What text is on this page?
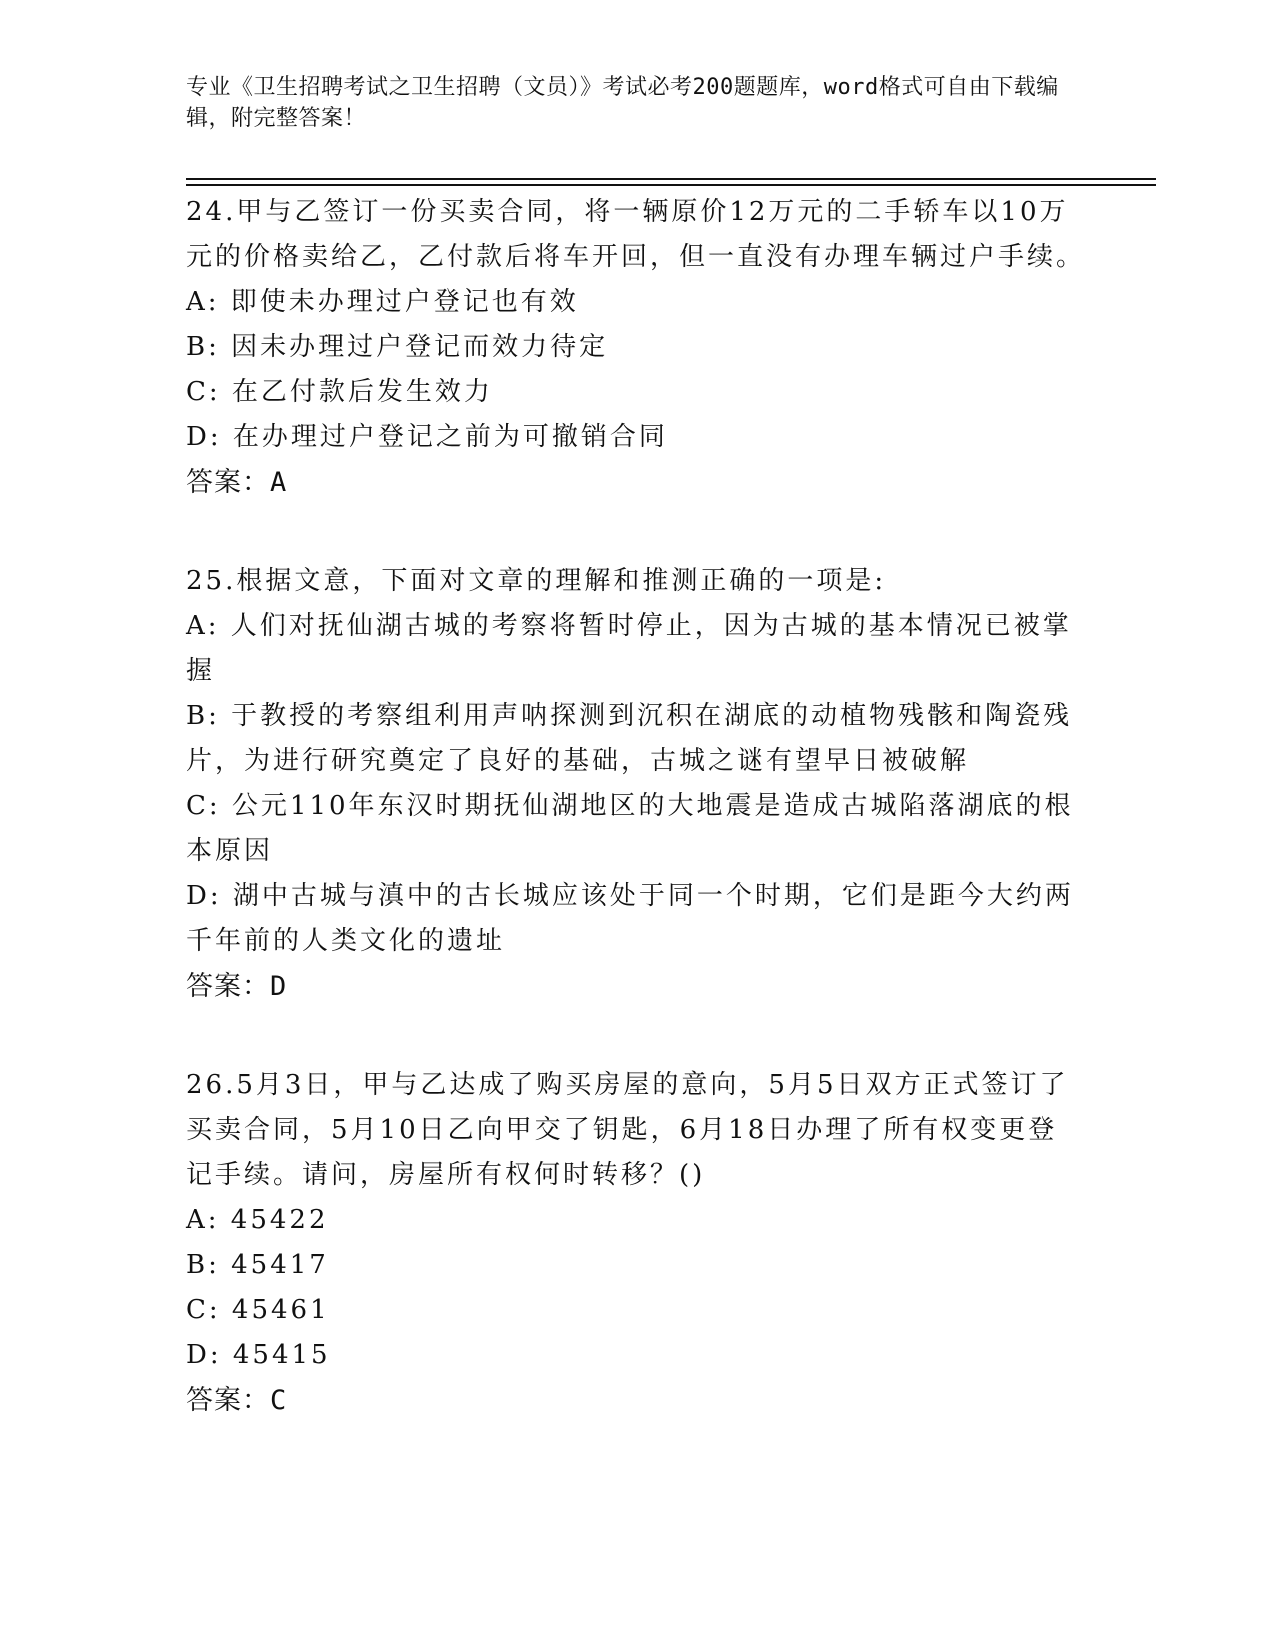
专业《卫生招聘考试之卫生招聘（文员）》考试必考200题题库，word格式可自由下载编辑，附完整答案！

24.甲与乙签订一份买卖合同，将一辆原价12万元的二手轿车以10万元的价格卖给乙，乙付款后将车开回，但一直没有办理车辆过户手续。

A: 即使未办理过户登记也有效

B: 因未办理过户登记而效力待定

C: 在乙付款后发生效力

D: 在办理过户登记之前为可撤销合同

答案：A

25.根据文意，下面对文章的理解和推测正确的一项是:

A: 人们对抚仙湖古城的考察将暂时停止，因为古城的基本情况已被掌握

B: 于教授的考察组利用声呐探测到沉积在湖底的动植物残骸和陶瓷残片，为进行研究奠定了良好的基础，古城之谜有望早日被破解

C: 公元110年东汉时期抚仙湖地区的大地震是造成古城陷落湖底的根本原因

D: 湖中古城与滇中的古长城应该处于同一个时期，它们是距今大约两千年前的人类文化的遗址

答案：D

26.5月3日，甲与乙达成了购买房屋的意向，5月5日双方正式签订了买卖合同，5月10日乙向甲交了钥匙，6月18日办理了所有权变更登记手续。请问，房屋所有权何时转移？()

A: 45422

B: 45417

C: 45461

D: 45415

答案：C
